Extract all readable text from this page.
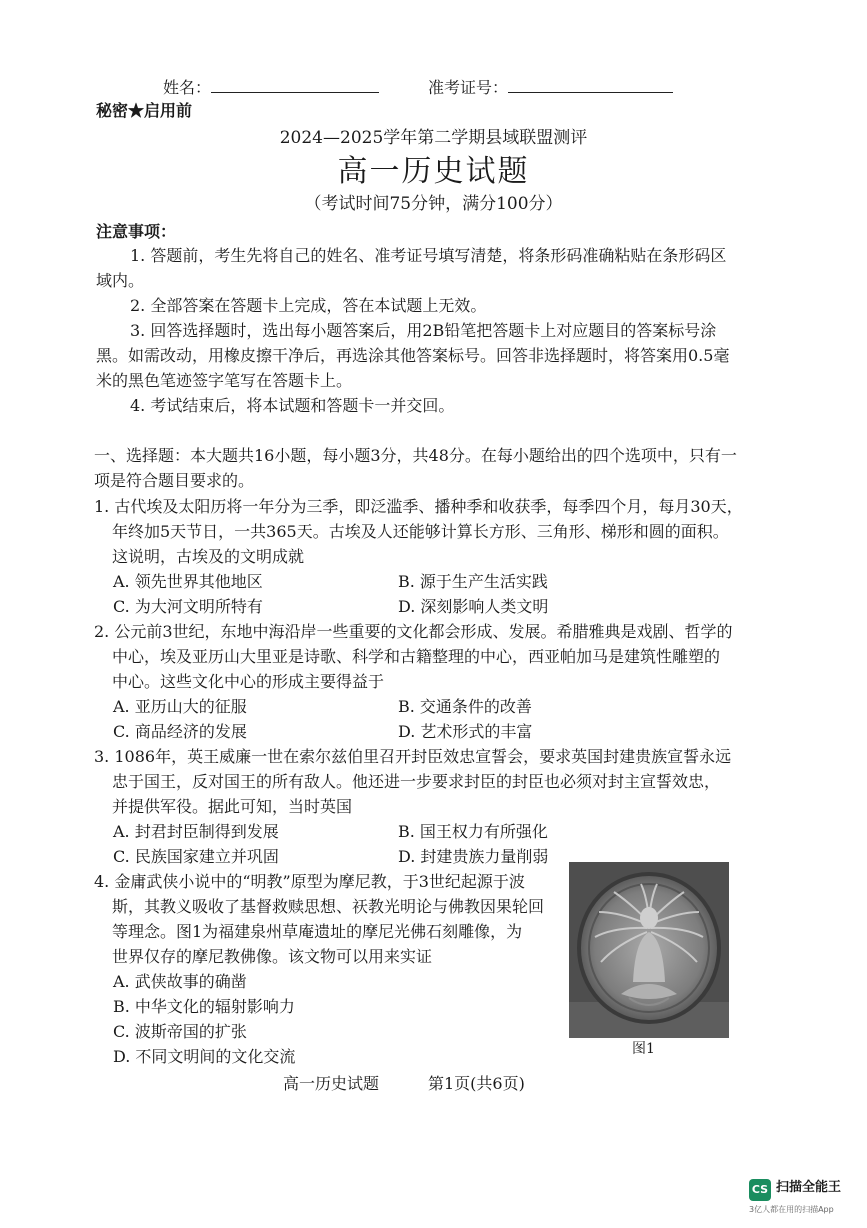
姓名：	准考证号：
秘密★启用前
2024—2025学年第二学期县域联盟测评
高一历史试题
（考试时间75分钟，满分100分）
注意事项：
1. 答题前，考生先将自己的姓名、准考证号填写清楚，将条形码准确粘贴在条形码区
域内。
2. 全部答案在答题卡上完成，答在本试题上无效。
3. 回答选择题时，选出每小题答案后，用2B铅笔把答题卡上对应题目的答案标号涂
黑。如需改动，用橡皮擦干净后，再选涂其他答案标号。回答非选择题时，将答案用0.5毫
米的黑色笔迹签字笔写在答题卡上。
4. 考试结束后，将本试题和答题卡一并交回。
一、选择题：本大题共16小题，每小题3分，共48分。在每小题给出的四个选项中，只有一
项是符合题目要求的。
1. 古代埃及太阳历将一年分为三季，即泛滥季、播种季和收获季，每季四个月，每月30天，
年终加5天节日，一共365天。古埃及人还能够计算长方形、三角形、梯形和圆的面积。
这说明，古埃及的文明成就
A. 领先世界其他地区	B. 源于生产生活实践
C. 为大河文明所特有	D. 深刻影响人类文明
2. 公元前3世纪，东地中海沿岸一些重要的文化都会形成、发展。希腊雅典是戏剧、哲学的
中心，埃及亚历山大里亚是诗歌、科学和古籍整理的中心，西亚帕加马是建筑性雕塑的
中心。这些文化中心的形成主要得益于
A. 亚历山大的征服	B. 交通条件的改善
C. 商品经济的发展	D. 艺术形式的丰富
3. 1086年，英王威廉一世在索尔兹伯里召开封臣效忠宣誓会，要求英国封建贵族宣誓永远
忠于国王，反对国王的所有敌人。他还进一步要求封臣的封臣也必须对封主宣誓效忠，
并提供军役。据此可知，当时英国
A. 封君封臣制得到发展	B. 国王权力有所强化
C. 民族国家建立并巩固	D. 封建贵族力量削弱
4. 金庸武侠小说中的“明教”原型为摩尼教，于3世纪起源于波
斯，其教义吸收了基督救赎思想、祆教光明论与佛教因果轮回
等理念。图1为福建泉州草庵遗址的摩尼光佛石刻雕像，为
世界仅存的摩尼教佛像。该文物可以用来实证
A. 武侠故事的确凿
B. 中华文化的辐射影响力
C. 波斯帝国的扩张
D. 不同文明间的文化交流	图1
高一历史试题	第1页(共6页)
CS 扫描全能王
3亿人都在用的扫描App
